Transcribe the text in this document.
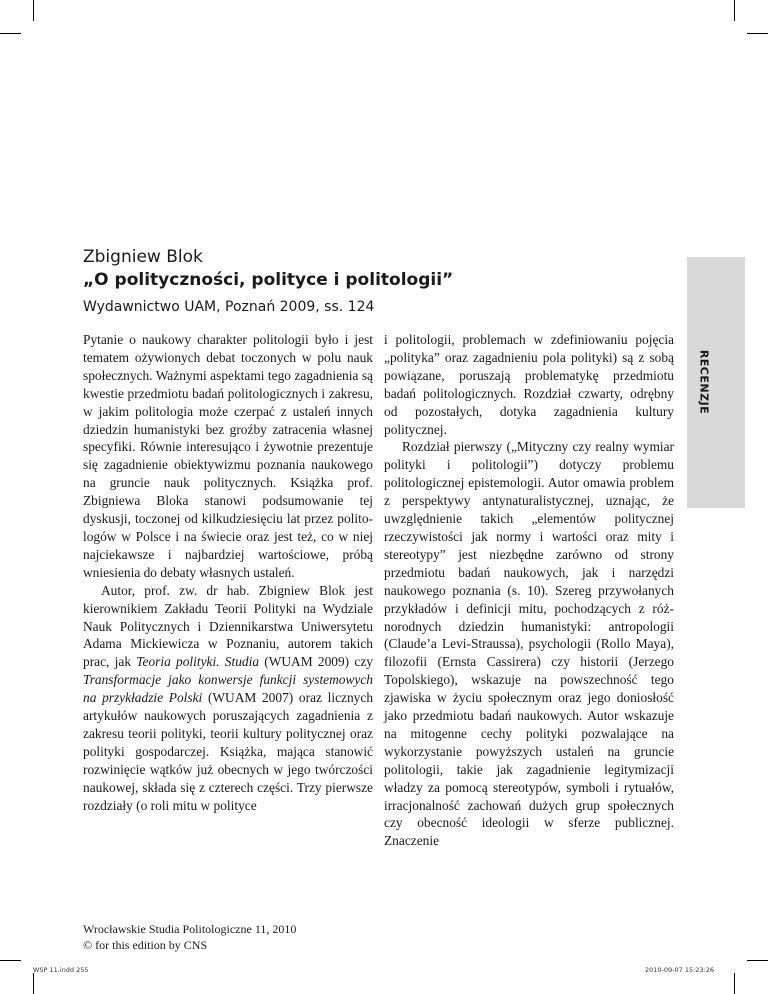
RECENZJE
Zbigniew Blok
„O polityczności, polityce i politologii”
Wydawnictwo UAM, Poznań 2009, ss. 124

Pytanie o naukowy charakter politologii było i jest tematem ożywionych debat toczonych w polu nauk społecznych. Ważnymi aspektami tego zagadnienia są kwestie przedmiotu badań politologicznych i zakresu, w jakim politologia może czerpać z ustaleń innych dziedzin humanistyki bez groźby zatracenia własnej specyfiki. Równie interesująco i żywotnie prezentuje się zagadnienie obiektywizmu poznania naukowego na gruncie nauk politycznych. Książka prof. Zbigniewa Bloka stanowi podsumowanie tej dyskusji, toczonej od kilkudziesięciu lat przez politologów w Polsce i na świecie oraz jest też, co w niej najciekawsze i najbardziej wartościowe, próbą wniesienia do debaty własnych ustaleń.

Autor, prof. zw. dr hab. Zbigniew Blok jest kierownikiem Zakładu Teorii Polityki na Wydziale Nauk Politycznych i Dziennikarstwa Uniwersytetu Adama Mickiewicza w Poznaniu, autorem takich prac, jak Teoria polityki. Studia (WUAM 2009) czy Transformacje jako konwersje funkcji systemowych na przykładzie Polski (WUAM 2007) oraz licznych artykułów naukowych poruszających zagadnienia z zakresu teorii polityki, teorii kultury politycznej oraz polityki gospodarczej. Książka, mająca stanowić rozwinięcie wątków już obecnych w jego twórczości naukowej, składa się z czterech części. Trzy pierwsze rozdziały (o roli mitu w polityce

i politologii, problemach w zdefiniowaniu pojęcia „polityka” oraz zagadnieniu pola polityki) są z sobą powiązane, poruszają problematykę przedmiotu badań politologicznych. Rozdział czwarty, odrębny od pozostałych, dotyka zagadnienia kultury politycznej.

Rozdział pierwszy („Mityczny czy realny wymiar polityki i politologii”) dotyczy problemu politologicznej epistemologii. Autor omawia problem z perspektywy antynaturalistycznej, uznając, że uwzględnienie takich „elementów politycznej rzeczywistości jak normy i wartości oraz mity i stereotypy” jest niezbędne zarówno od strony przedmiotu badań naukowych, jak i narzędzi naukowego poznania (s. 10). Szereg przywołanych przykładów i definicji mitu, pochodzących z różnorodnych dziedzin humanistyki: antropologii (Claude’a Levi-Straussa), psychologii (Rollo Maya), filozofii (Ernsta Cassirera) czy historii (Jerzego Topolskiego), wskazuje na powszechność tego zjawiska w życiu społecznym oraz jego doniosłość jako przedmiotu badań naukowych. Autor wskazuje na mitogenne cechy polityki pozwalające na wykorzystanie powyższych ustaleń na gruncie politologii, takie jak zagadnienie legitymizacji władzy za pomocą stereotypów, symboli i rytuałów, irracjonalność zachowań dużych grup społecznych czy obecność ideologii w sferze publicznej. Znaczenie

Wrocławskie Studia Politologiczne 11, 2010
© for this edition by CNS
WSP 11.indd 255	2010-09-07 15:23:26
